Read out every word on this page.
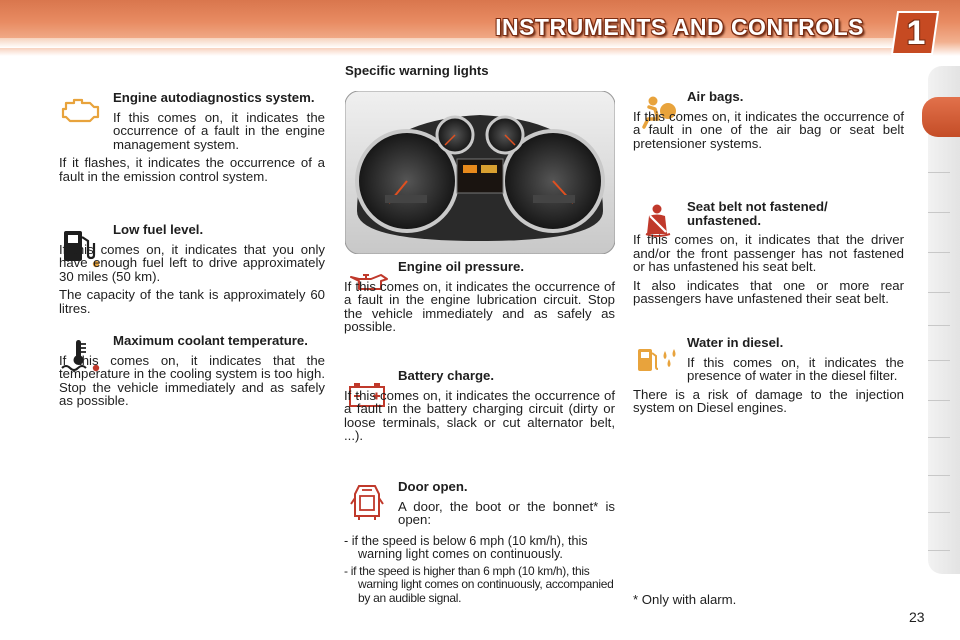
INSTRUMENTS AND CONTROLS	1
Specific warning lights
Engine autodiagnostics system.

If this comes on, it indicates the occurrence of a fault in the engine management system.

If it flashes, it indicates the occurrence of a fault in the emission control system.

Low fuel level.

If this comes on, it indicates that you only have enough fuel left to drive approximately 30 miles (50 km).

The capacity of the tank is approximately 60 litres.

Maximum coolant temperature.

If this comes on, it indicates that the temperature in the cooling system is too high. Stop the vehicle immediately and as safely as possible.

Engine oil pressure.

If this comes on, it indicates the occurrence of a fault in the engine lubrication circuit. Stop the vehicle immediately and as safely as possible.

Battery charge.

If this comes on, it indicates the occurrence of a fault in the battery charging circuit (dirty or loose terminals, slack or cut alternator belt, ...).

Door open.

A door, the boot or the bonnet* is open:

- if the speed is below 6 mph (10 km/h), this warning light comes on continuously.
- if the speed is higher than 6 mph (10 km/h), this warning light comes on continuously, accompanied by an audible signal.
Air bags.

If this comes on, it indicates the occurrence of a fault in one of the air bag or seat belt pretensioner systems.

Seat belt not fastened/ unfastened.

If this comes on, it indicates that the driver and/or the front passenger has not fastened or has unfastened his seat belt.

It also indicates that one or more rear passengers have unfastened their seat belt.

Water in diesel.

If this comes on, it indicates the presence of water in the diesel filter.

There is a risk of damage to the injection system on Diesel engines.

* Only with alarm.
23
